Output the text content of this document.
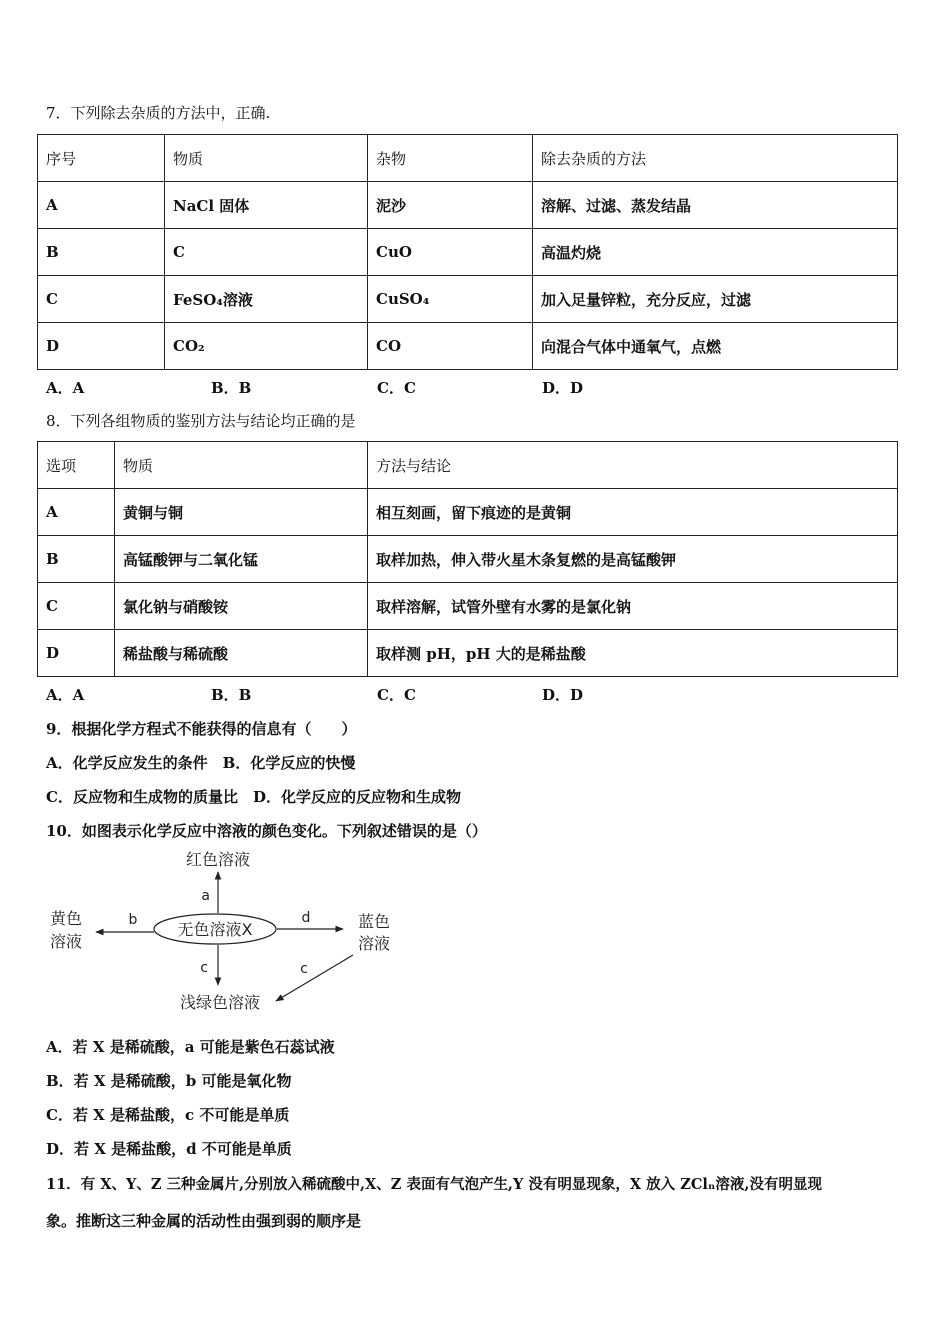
7．下列除去杂质的方法中，正确.
序号	物质	杂物	除去杂质的方法
A	NaCl 固体	泥沙	溶解、过滤、蒸发结晶
B	C	CuO	高温灼烧
C	FeSO₄溶液	CuSO₄	加入足量锌粒，充分反应，过滤
D	CO₂	CO	向混合气体中通氧气，点燃
A．A	B．B	C．C	D．D
8．下列各组物质的鉴别方法与结论均正确的是
选项	物质	方法与结论
A	黄铜与铜	相互刻画，留下痕迹的是黄铜
B	高锰酸钾与二氧化锰	取样加热，伸入带火星木条复燃的是高锰酸钾
C	氯化钠与硝酸铵	取样溶解，试管外壁有水雾的是氯化钠
D	稀盐酸与稀硫酸	取样测 pH，pH 大的是稀盐酸
A．A	B．B	C．C	D．D
9．根据化学方程式不能获得的信息有（　　）
A．化学反应发生的条件　B．化学反应的快慢
C．反应物和生成物的质量比　D．化学反应的反应物和生成物
10．如图表示化学反应中溶液的颜色变化。下列叙述错误的是（）
无色溶液X
a
红色溶液
b
黄色
溶液
d	蓝色
溶液
c	c
浅绿色溶液
A．若 X 是稀硫酸，a 可能是紫色石蕊试液
B．若 X 是稀硫酸，b 可能是氧化物
C．若 X 是稀盐酸，c 不可能是单质
D．若 X 是稀盐酸，d 不可能是单质
11．有 X、Y、Z 三种金属片,分别放入稀硫酸中,X、Z 表面有气泡产生,Y 没有明显现象，X 放入 ZClₙ溶液,没有明显现
象。推断这三种金属的活动性由强到弱的顺序是
